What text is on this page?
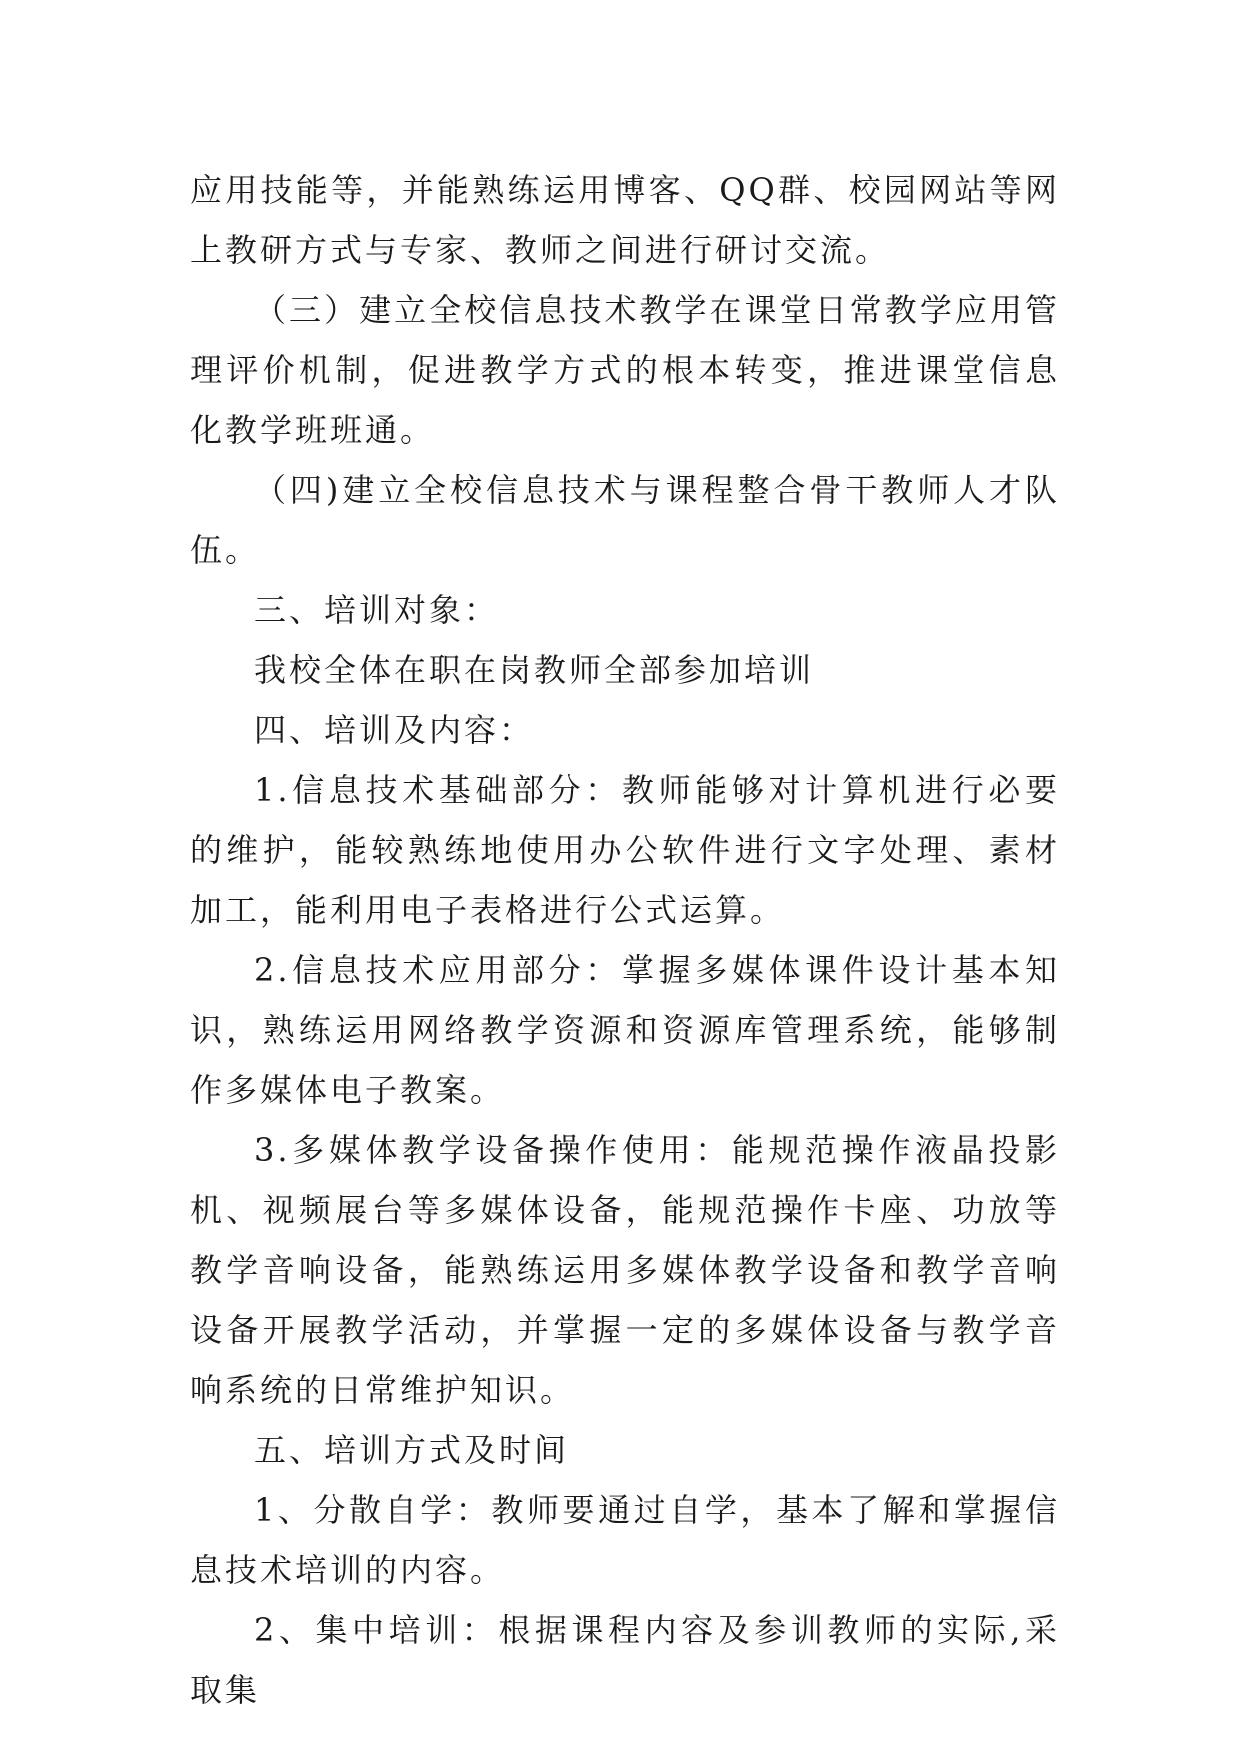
应用技能等，并能熟练运用博客、QQ群、校园网站等网上教研方式与专家、教师之间进行研讨交流。

（三）建立全校信息技术教学在课堂日常教学应用管理评价机制，促进教学方式的根本转变，推进课堂信息化教学班班通。

（四)建立全校信息技术与课程整合骨干教师人才队伍。

三、培训对象：

我校全体在职在岗教师全部参加培训

四、培训及内容：

1.信息技术基础部分：教师能够对计算机进行必要的维护，能较熟练地使用办公软件进行文字处理、素材加工，能利用电子表格进行公式运算。

2.信息技术应用部分：掌握多媒体课件设计基本知识，熟练运用网络教学资源和资源库管理系统，能够制作多媒体电子教案。

3.多媒体教学设备操作使用：能规范操作液晶投影机、视频展台等多媒体设备，能规范操作卡座、功放等教学音响设备，能熟练运用多媒体教学设备和教学音响设备开展教学活动，并掌握一定的多媒体设备与教学音响系统的日常维护知识。

五、培训方式及时间

1、分散自学：教师要通过自学，基本了解和掌握信息技术培训的内容。

2、集中培训：根据课程内容及参训教师的实际,采取集
